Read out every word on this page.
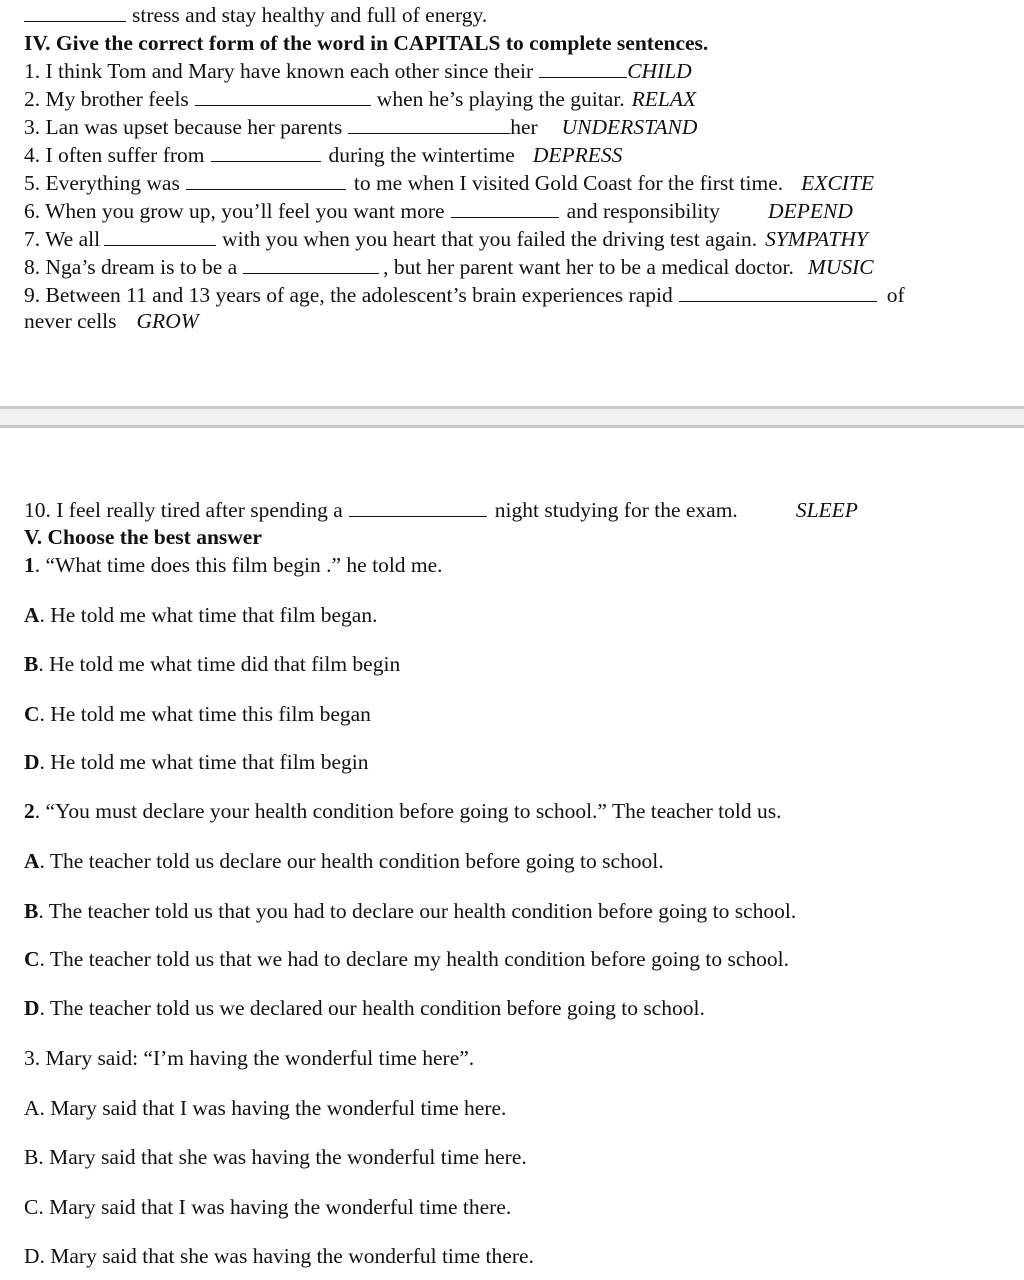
stress and stay healthy and full of energy.
IV. Give the correct form of the word in CAPITALS to complete sentences.
1. I think Tom and Mary have known each other since their	CHILD
2. My brother feels	when he’s playing the guitar. RELAX
3. Lan was upset because her parents	her UNDERSTAND
4. I often suffer from	during the wintertime DEPRESS
5. Everything was	to me when I visited Gold Coast for the first time. EXCITE
6. When you grow up, you’ll feel you want more	and responsibility DEPEND
7. We all	with you when you heart that you failed the driving test again. SYMPATHY
8. Nga’s dream is to be a	, but her parent want her to be a medical doctor. MUSIC
9. Between 11 and 13 years of age, the adolescent’s brain experiences rapid	of
never cells GROW
10. I feel really tired after spending a	night studying for the exam.	SLEEP
V. Choose the best answer
1. “What time does this film begin .” he told me.
A. He told me what time that film began.
B. He told me what time did that film begin
C. He told me what time this film began
D. He told me what time that film begin
2. “You must declare your health condition before going to school.” The teacher told us.
A. The teacher told us declare our health condition before going to school.
B. The teacher told us that you had to declare our health condition before going to school.
C. The teacher told us that we had to declare my health condition before going to school.
D. The teacher told us we declared our health condition before going to school.
3. Mary said: “I’m having the wonderful time here”.
A. Mary said that I was having the wonderful time here.
B. Mary said that she was having the wonderful time here.
C. Mary said that I was having the wonderful time there.
D. Mary said that she was having the wonderful time there.
